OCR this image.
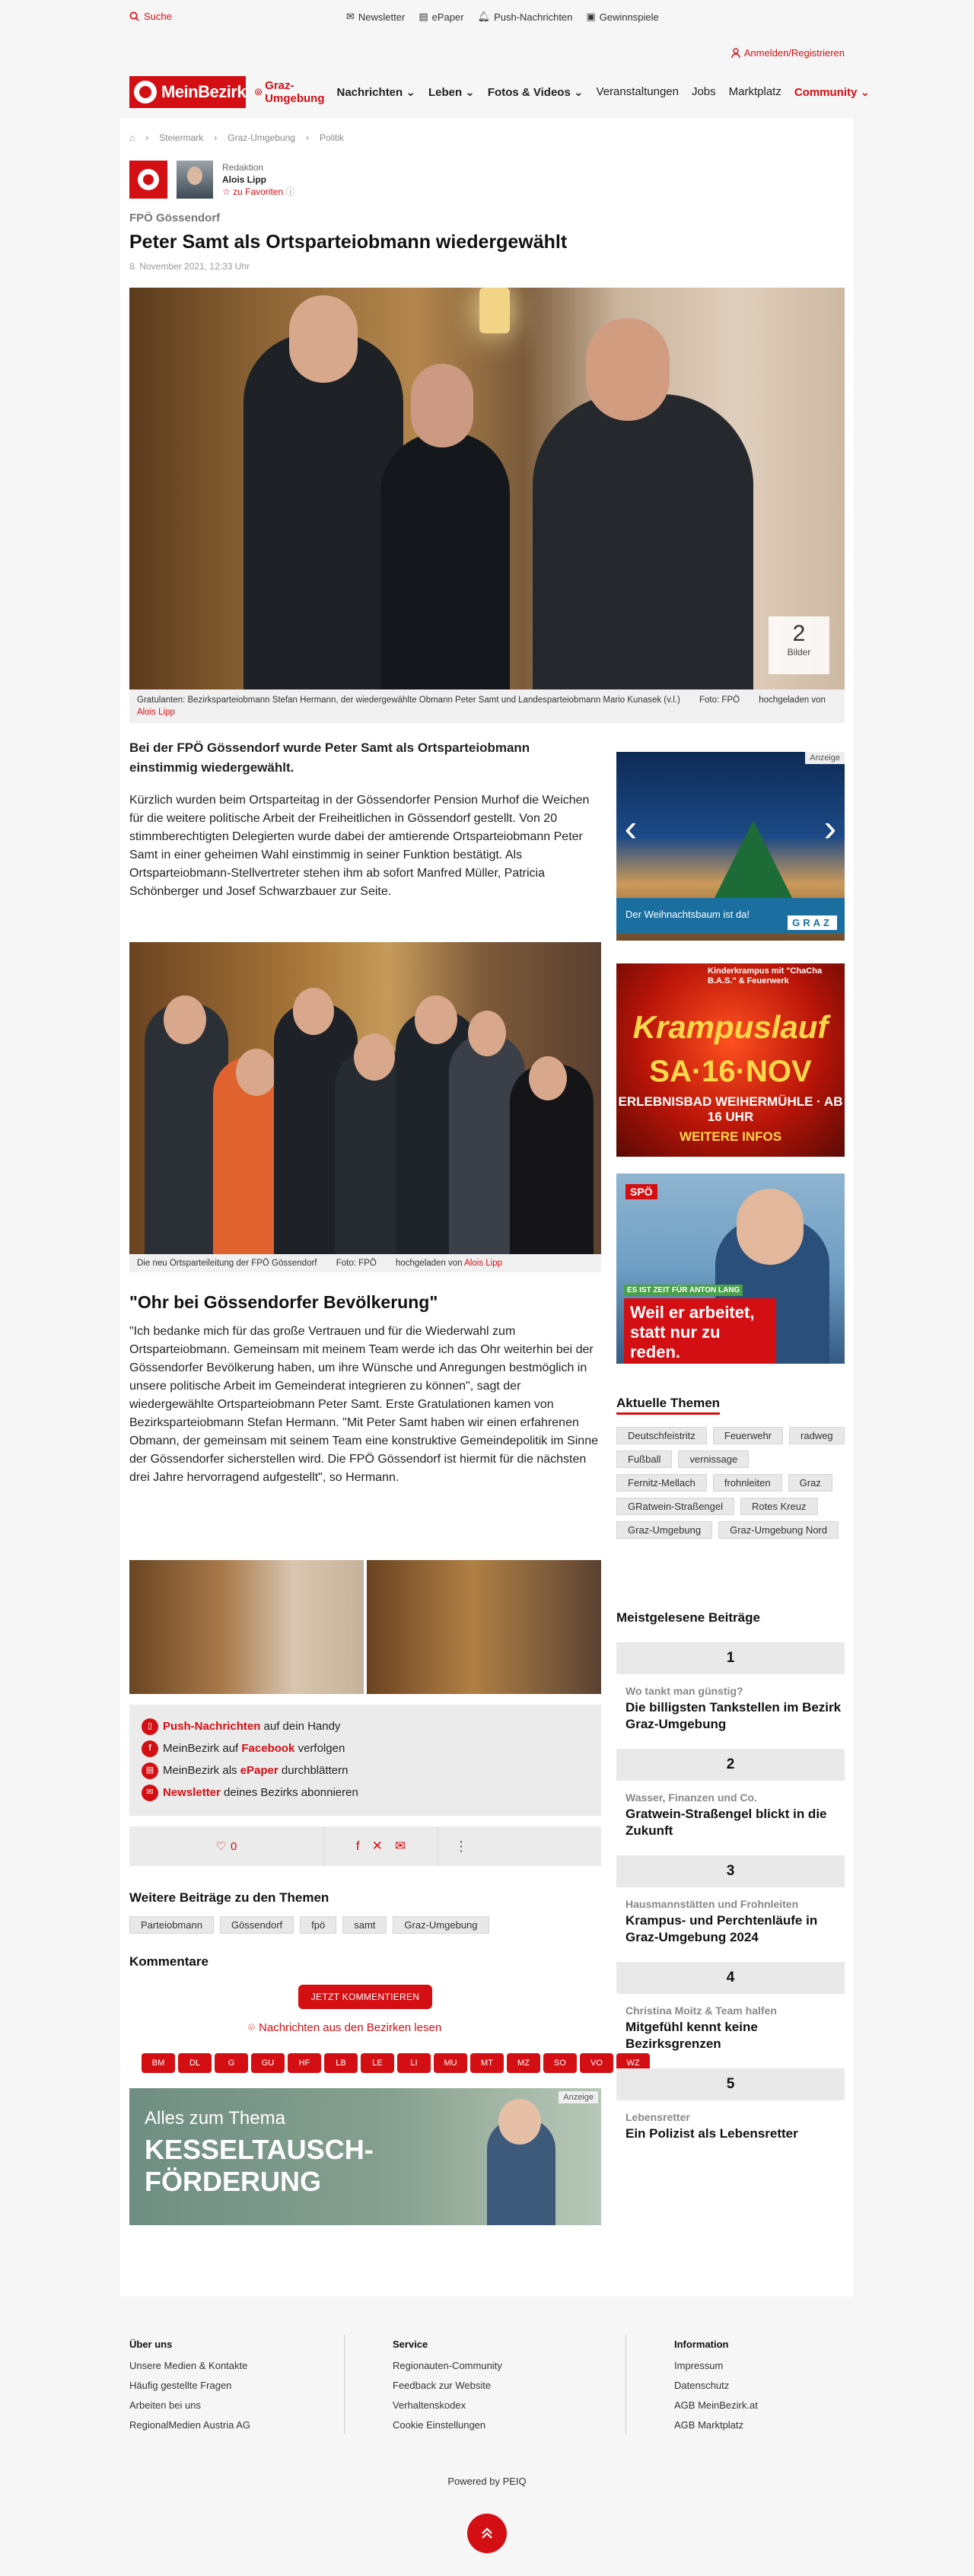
Suche	✉ Newsletter ▤ ePaper 🔔︎ Push-Nachrichten ▣ Gewinnspiele
Anmelden/Registrieren
MeinBezirk ⌾ Graz-Umgebung Nachrichten ⌄ Leben ⌄ Fotos & Videos ⌄ Veranstaltungen Jobs Marktplatz Community ⌄
⌂ › Steiermark › Graz-Umgebung › Politik
Redaktion
Alois Lipp
☆ zu Favoriten ⓘ
FPÖ Gössendorf
Peter Samt als Ortsparteiobmann wiedergewählt
8. November 2021, 12:33 Uhr
2
Bilder
Gratulanten: Bezirksparteiobmann Stefan Hermann, der wiedergewählte Obmann Peter Samt und Landesparteiobmann Mario Kunasek (v.l.) Foto: FPÖ hochgeladen von Alois Lipp

Bei der FPÖ Gössendorf wurde Peter Samt als Ortsparteiobmann einstimmig wiedergewählt.

Kürzlich wurden beim Ortsparteitag in der Gössendorfer Pension Murhof die Weichen für die weitere politische Arbeit der Freiheitlichen in Gössendorf gestellt. Von 20 stimmberechtigten Delegierten wurde dabei der amtierende Ortsparteiobmann Peter Samt in einer geheimen Wahl einstimmig in seiner Funktion bestätigt. Als Ortsparteiobmann-Stellvertreter stehen ihm ab sofort Manfred Müller, Patricia Schönberger und Josef Schwarzbauer zur Seite.

Die neu Ortsparteileitung der FPÖ Gössendorf Foto: FPÖ hochgeladen von Alois Lipp
"Ohr bei Gössendorfer Bevölkerung"

"Ich bedanke mich für das große Vertrauen und für die Wiederwahl zum Ortsparteiobmann. Gemeinsam mit meinem Team werde ich das Ohr weiterhin bei der Gössendorfer Bevölkerung haben, um ihre Wünsche und Anregungen bestmöglich in unsere politische Arbeit im Gemeinderat integrieren zu können", sagt der wiedergewählte Ortsparteiobmann Peter Samt. Erste Gratulationen kamen von Bezirksparteiobmann Stefan Hermann. "Mit Peter Samt haben wir einen erfahrenen Obmann, der gemeinsam mit seinem Team eine konstruktive Gemeindepolitik im Sinne der Gössendorfer sicherstellen wird. Die FPÖ Gössendorf ist hiermit für die nächsten drei Jahre hervorragend aufgestellt", so Hermann.

▯ Push-Nachrichten auf dein Handy
f	MeinBezirk auf Facebook verfolgen
▤ MeinBezirk als ePaper durchblättern
✉ Newsletter deines Bezirks abonnieren
♡ 0	f ✕ ✉	⋮
Weitere Beiträge zu den Themen
Parteiobmann	Gössendorf	fpö	samt	Graz-Umgebung
Kommentare
JETZT KOMMENTIEREN
⌾ Nachrichten aus den Bezirken lesen
BM	DL	G	GU	HF	LB	LE	LI	MU	MT	MZ	SO	VO	WZ
Alles zum Thema
KESSELTAUSCH-FÖRDERUNG
Anzeige
‹	›
Der Weihnachtsbaum ist da!
GRAZ
Anzeige
Kinderkrampus mit "ChaCha B.A.S." & Feuerwerk
Krampuslauf
SA·16·NOV
ERLEBNISBAD WEIHERMÜHLE · AB 16 UHR
WEITERE INFOS
SPÖ
ES IST ZEIT FÜR ANTON LANG
Weil er arbeitet, statt nur zu reden.
Aktuelle Themen
Deutschfeistritz	Feuerwehr	radweg
Fußball	vernissage
Fernitz-Mellach	frohnleiten	Graz
GRatwein-Straßengel	Rotes Kreuz
Graz-Umgebung	Graz-Umgebung Nord
Meistgelesene Beiträge
1
Wo tankt man günstig?
Die billigsten Tankstellen im Bezirk Graz-Umgebung
2
Wasser, Finanzen und Co.
Gratwein-Straßengel blickt in die Zukunft
3
Hausmannstätten und Frohnleiten
Krampus- und Perchtenläufe in Graz-Umgebung 2024
4
Christina Moitz & Team halfen
Mitgefühl kennt keine Bezirksgrenzen
5
Lebensretter
Ein Polizist als Lebensretter
Über uns
Unsere Medien & Kontakte
Häufig gestellte Fragen
Arbeiten bei uns
RegionalMedien Austria AG
Service
Regionauten-Community
Feedback zur Website
Verhaltenskodex
Cookie Einstellungen
Information
Impressum
Datenschutz
AGB MeinBezirk.at
AGB Marktplatz
Powered by PEIQ
